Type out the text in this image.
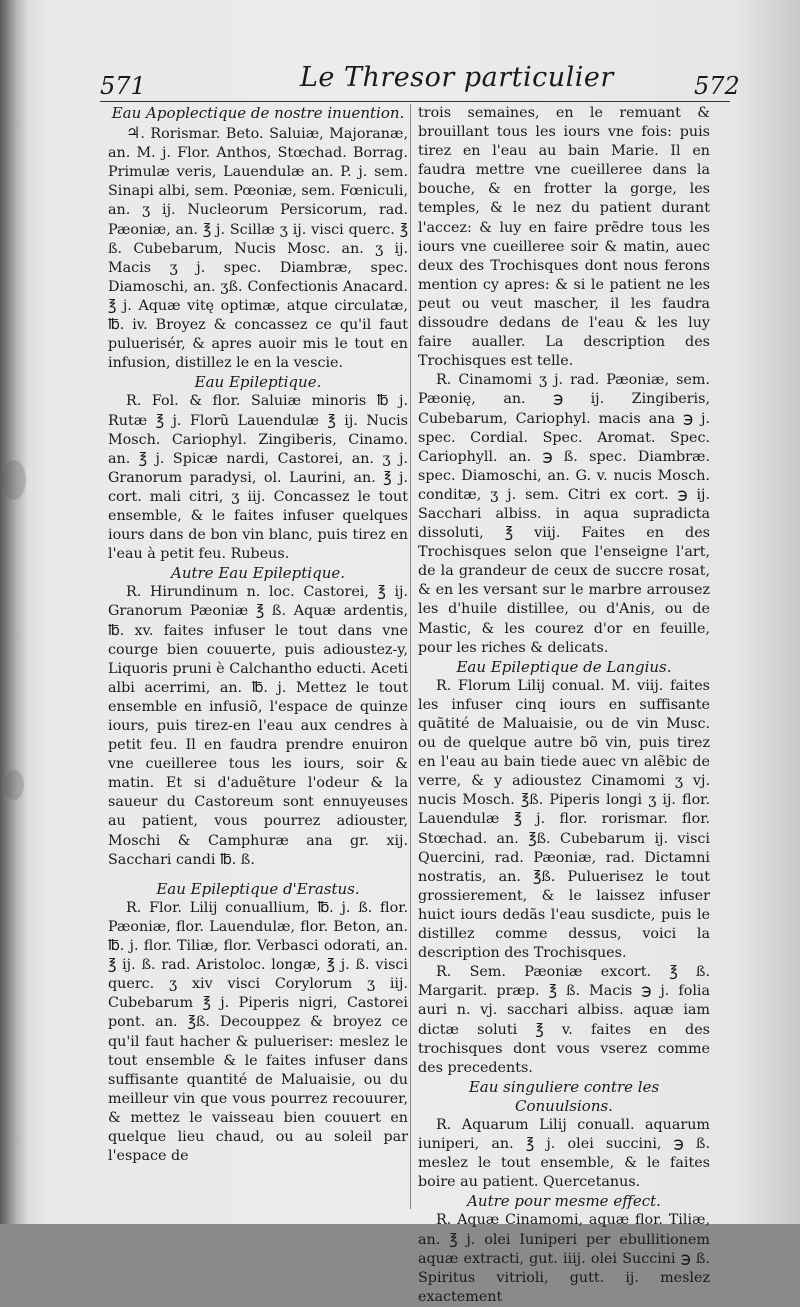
571	Le Thresor particulier	572
Eau Apoplectique de nostre inuention.
♃. Rorismar. Beto. Saluiæ, Majoranæ, an. M. j. Flor. Anthos, Stœchad. Borrag. Primulæ veris, Lauendulæ an. P. j. sem. Sinapi albi, sem. Pœoniæ, sem. Fœniculi, an. ʒ ij. Nucleorum Persicorum, rad. Pæoniæ, an. ℥ j. Scillæ ʒ ij. visci querc. ℥ ß. Cubebarum, Nucis Mosc. an. ʒ ij. Macis ʒ j. spec. Diambræ, spec. Diamoschi, an. ʒß. Confectionis Anacard. ℥ j. Aquæ vitę optimæ, atque circulatæ, ℔. iv. Broyez & concassez ce qu'il faut puluerisér, & apres auoir mis le tout en infusion, distillez le en la vescie.
Eau Epileptique.
R. Fol. & flor. Saluiæ minoris ℔ j. Rutæ ℥ j. Florũ Lauendulæ ℥ ij. Nucis Mosch. Cariophyl. Zingiberis, Cinamo. an. ℥ j. Spicæ nardi, Castorei, an. ʒ j. Granorum paradysi, ol. Laurini, an. ℥ j. cort. mali citri, ʒ iij. Concassez le tout ensemble, & le faites infuser quelques iours dans de bon vin blanc, puis tirez en l'eau à petit feu. Rubeus.
Autre Eau Epileptique.
R. Hirundinum n. loc. Castorei, ℥ ij. Granorum Pæoniæ ℥ ß. Aquæ ardentis, ℔. xv. faites infuser le tout dans vne courge bien couuerte, puis adioustez-y, Liquoris pruni è Calchantho educti. Aceti albi acerrimi, an. ℔. j. Mettez le tout ensemble en infusiõ, l'espace de quinze iours, puis tirez-en l'eau aux cendres à petit feu. Il en faudra prendre enuiron vne cueilleree tous les iours, soir & matin. Et si d'aduẽture l'odeur & la saueur du Castoreum sont ennuyeuses au patient, vous pourrez adiouster, Moschi & Camphuræ ana gr. xij. Sacchari candi ℔. ß.
Eau Epileptique d'Erastus.
R. Flor. Lilij conuallium, ℔. j. ß. flor. Pæoniæ, flor. Lauendulæ, flor. Beton, an. ℔. j. flor. Tiliæ, flor. Verbasci odorati, an. ℥ ij. ß. rad. Aristoloc. longæ, ℥ j. ß. visci querc. ʒ xiv visci Corylorum ʒ iij. Cubebarum ℥ j. Piperis nigri, Castorei pont. an. ℥ß. Decouppez & broyez ce qu'il faut hacher & pulueriser: meslez le tout ensemble & le faites infuser dans suffisante quantité de Maluaisie, ou du meilleur vin que vous pourrez recouurer, & mettez le vaisseau bien couuert en quelque lieu chaud, ou au soleil par l'espace de
trois semaines, en le remuant & brouillant tous les iours vne fois: puis tirez en l'eau au bain Marie. Il en faudra mettre vne cueilleree dans la bouche, & en frotter la gorge, les temples, & le nez du patient durant l'accez: & luy en faire prẽdre tous les iours vne cueilleree soir & matin, auec deux des Trochisques dont nous ferons mention cy apres: & si le patient ne les peut ou veut mascher, il les faudra dissoudre dedans de l'eau & les luy faire aualler. La description des Trochisques est telle.
R. Cinamomi ʒ j. rad. Pæoniæ, sem. Pæonię, an. ℈ ij. Zingiberis, Cubebarum, Cariophyl. macis ana ℈ j. spec. Cordial. Spec. Aromat. Spec. Cariophyll. an. ℈ ß. spec. Diambræ. spec. Diamoschi, an. G. v. nucis Mosch. conditæ, ʒ j. sem. Citri ex cort. ℈ ij. Sacchari albiss. in aqua supradicta dissoluti, ℥ viij. Faites en des Trochisques selon que l'enseigne l'art, de la grandeur de ceux de succre rosat, & en les versant sur le marbre arrousez les d'huile distillee, ou d'Anis, ou de Mastic, & les courez d'or en feuille, pour les riches & delicats.
Eau Epileptique de Langius.
R. Florum Lilij conual. M. viij. faites les infuser cinq iours en suffisante quãtité de Maluaisie, ou de vin Musc. ou de quelque autre bõ vin, puis tirez en l'eau au bain tiede auec vn alẽbic de verre, & y adioustez Cinamomi ʒ vj. nucis Mosch. ℥ß. Piperis longi ʒ ij. flor. Lauendulæ ℥ j. flor. rorismar. flor. Stœchad. an. ℥ß. Cubebarum ij. visci Quercini, rad. Pæoniæ, rad. Dictamni nostratis, an. ℥ß. Puluerisez le tout grossierement, & le laissez infuser huict iours dedãs l'eau susdicte, puis le distillez comme dessus, voici la description des Trochisques.
R. Sem. Pæoniæ excort. ℥ ß. Margarit. præp. ℥ ß. Macis ℈ j. folia auri n. vj. sacchari albiss. aquæ iam dictæ soluti ℥ v. faites en des trochisques dont vous vserez comme des precedents.
Eau singuliere contre les Conuulsions.
R. Aquarum Lilij conuall. aquarum iuniperi, an. ℥ j. olei succini, ℈ ß. meslez le tout ensemble, & le faites boire au patient. Quercetanus.
Autre pour mesme effect.
R. Aquæ Cinamomi, aquæ flor. Tiliæ, an. ℥ j. olei Iuniperi per ebullitionem aquæ extracti, gut. iiij. olei Succini ℈ ß. Spiritus vitrioli, gutt. ij. meslez exactement
